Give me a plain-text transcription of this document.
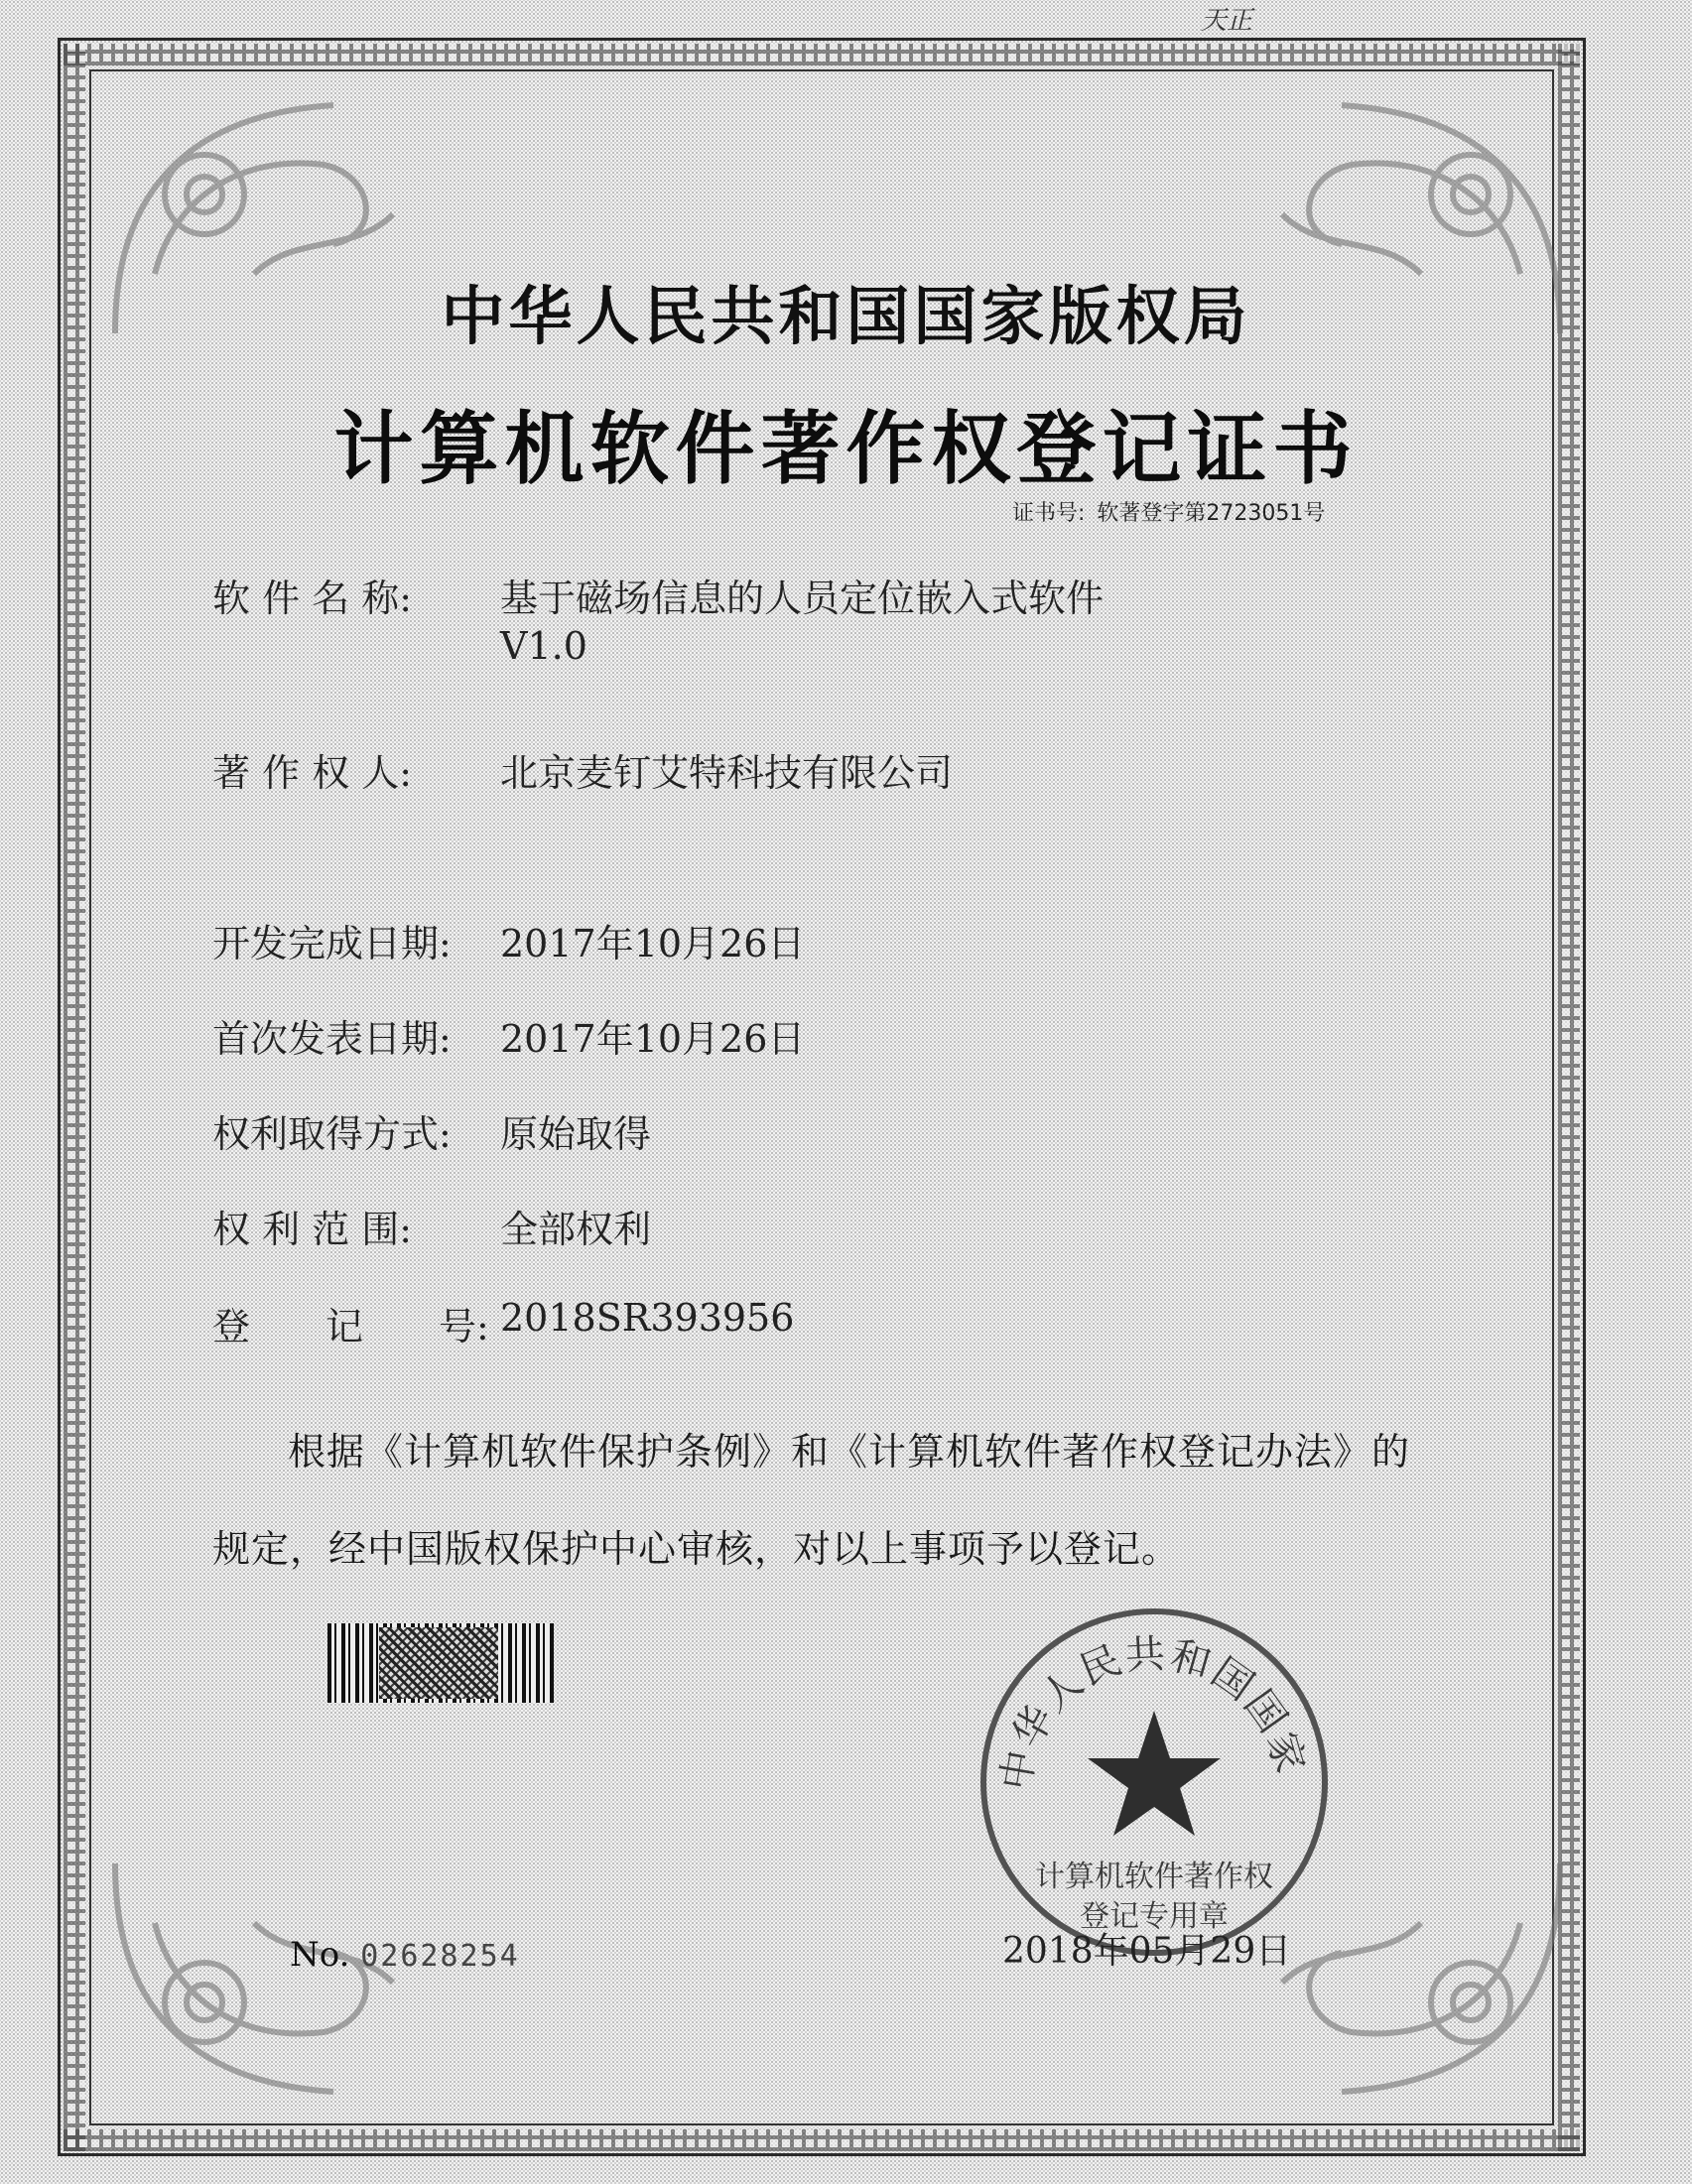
天正
中华人民共和国国家版权局
计算机软件著作权登记证书
证书号: 软著登字第2723051号
软 件 名 称: 基于磁场信息的人员定位嵌入式软件
V1.0
著 作 权 人: 北京麦钉艾特科技有限公司
开发完成日期: 2017年10月26日
首次发表日期: 2017年10月26日
权利取得方式: 原始取得
权 利 范 围: 全部权利
登　　记　　号: 2018SR393956
根据《计算机软件保护条例》和《计算机软件著作权登记办法》的
规定，经中国版权保护中心审核，对以上事项予以登记。
中华人民共和国国家
计算机软件著作权
登记专用章
2018年05月29日
No. 02628254
